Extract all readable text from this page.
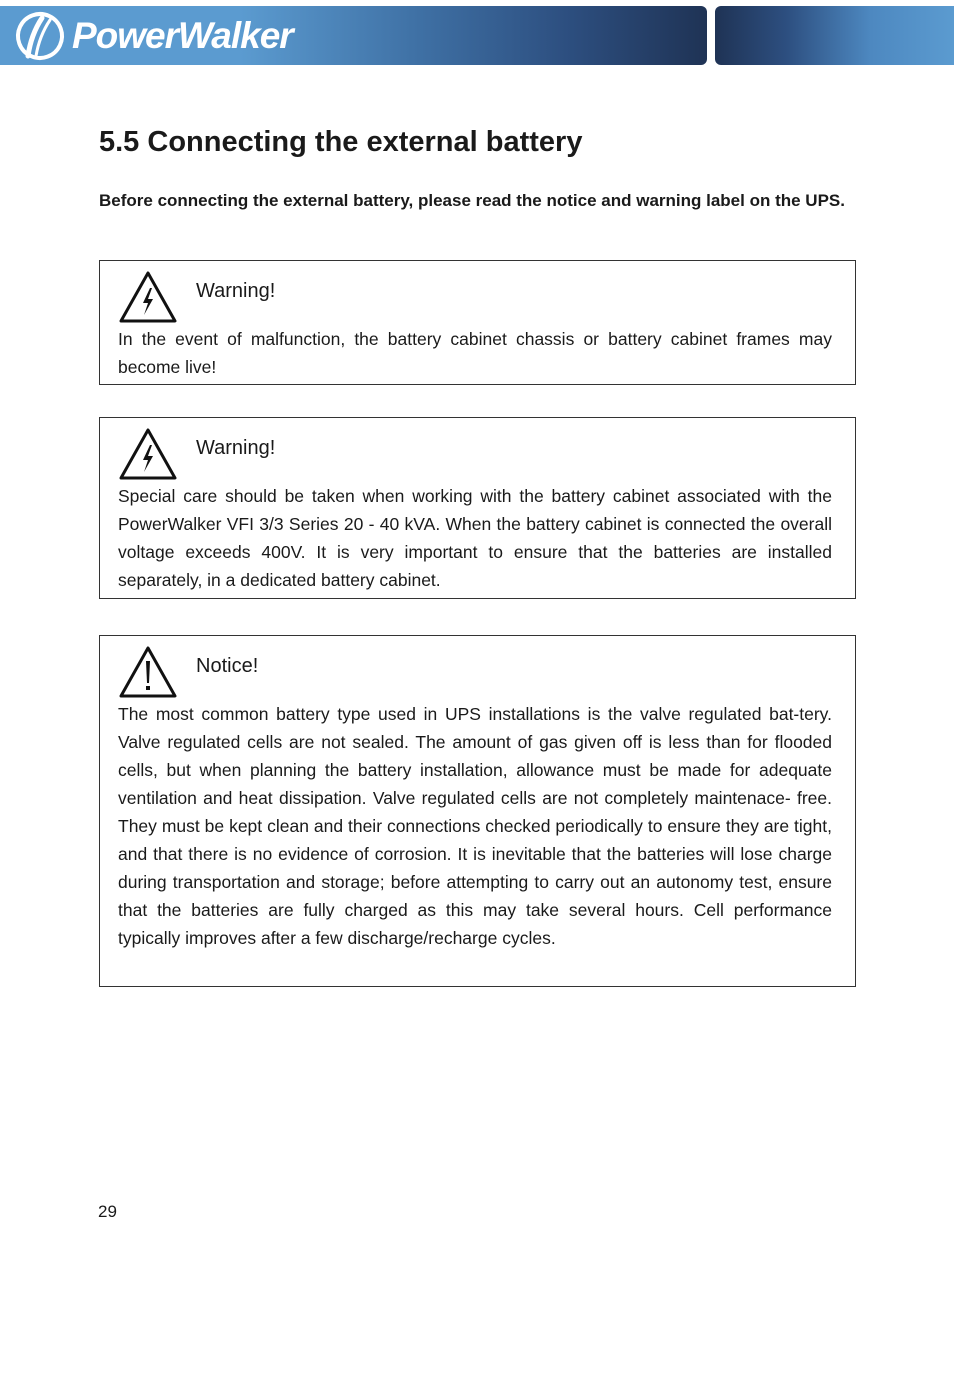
PowerWalker
5.5 Connecting the external battery

Before connecting the external battery, please read the notice and warning label on the UPS.

Warning!

In the event of malfunction, the battery cabinet chassis or battery cabinet frames may become live!

Warning!

Special care should be taken when working with the battery cabinet associated with the PowerWalker VFI 3/3 Series 20 - 40 kVA. When the battery cabinet is connected the overall voltage exceeds 400V. It is very important to ensure that the batteries are installed separately, in a dedicated battery cabinet.

Notice!

The most common battery type used in UPS installations is the valve regulated bat-tery. Valve regulated cells are not sealed. The amount of gas given off is less than for flooded cells, but when planning the battery installation, allowance must be made for adequate ventilation and heat dissipation. Valve regulated cells are not completely maintenace- free. They must be kept clean and their connections checked periodically to ensure they are tight, and that there is no evidence of corrosion. It is inevitable that the batteries will lose charge during transportation and storage; before attempting to carry out an autonomy test, ensure that the batteries are fully charged as this may take several hours. Cell performance typically improves after a few discharge/recharge cycles.

29
